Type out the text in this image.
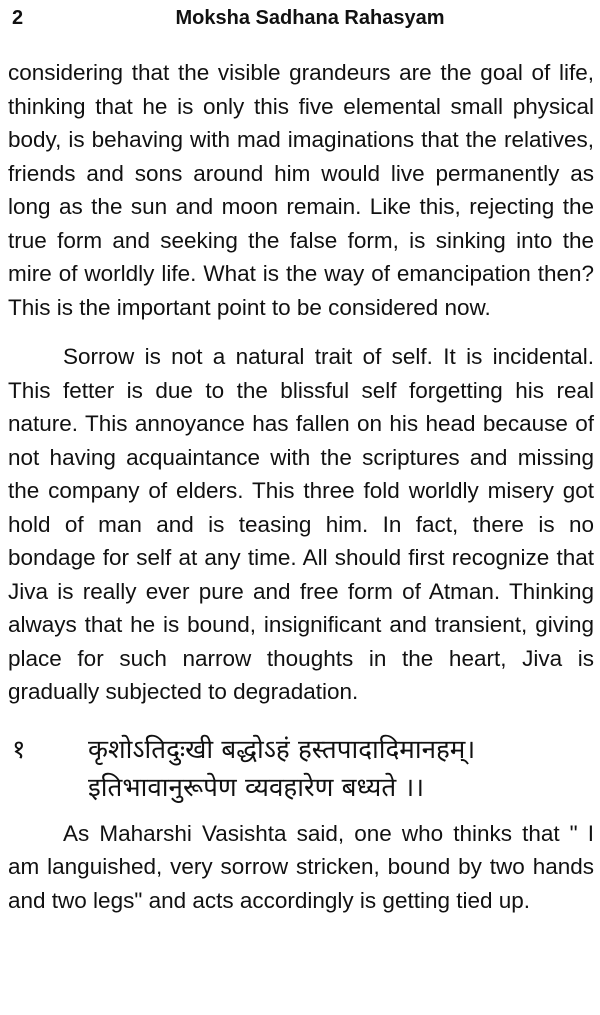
2	Moksha Sadhana Rahasyam

considering that the visible grandeurs are the goal of life, thinking that he is only this five elemental small physical body, is behaving with mad imaginations that the relatives, friends and sons around him would live permanently as long as the sun and moon remain. Like this, rejecting the true form and seeking the false form, is sinking into the mire of worldly life. What is the way of emancipation then? This is the important point to be considered now.

Sorrow is not a natural trait of self. It is incidental. This fetter is due to the blissful self forgetting his real nature. This annoyance has fallen on his head because of not having acquaintance with the scriptures and missing the company of elders. This three fold worldly misery got hold of man and is teasing him. In fact, there is no bondage for self at any time. All should first recognize that Jiva is really ever pure and free form of Atman. Thinking always that he is bound, insignificant and transient, giving place for such narrow thoughts in the heart, Jiva is gradually subjected to degradation.

१ कृशोऽतिदुःखी बद्धोऽहं हस्तपादादिमानहम्।
इतिभावानुरूपेण व्यवहारेण बध्यते ।।

As Maharshi Vasishta said, one who thinks that " I am languished, very sorrow stricken, bound by two hands and two legs" and acts accordingly is getting tied up.
